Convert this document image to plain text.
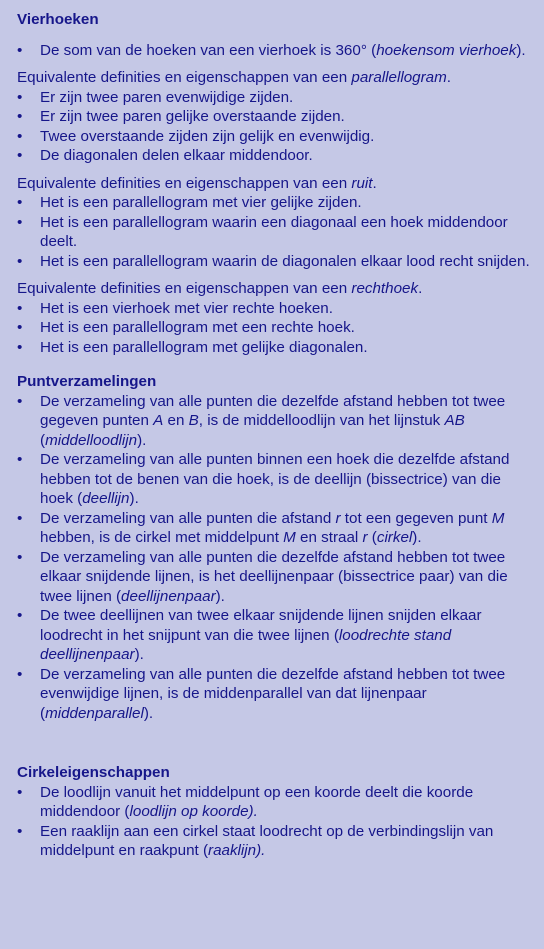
Vierhoeken
• De som van de hoeken van een vierhoek is 360° (hoekensom vierhoek).

Equivalente definities en eigenschappen van een parallellogram.

• Er zijn twee paren evenwijdige zijden.
• Er zijn twee paren gelijke overstaande zijden.
• Twee overstaande zijden zijn gelijk en evenwijdig.
• De diagonalen delen elkaar middendoor.

Equivalente definities en eigenschappen van een ruit.

• Het is een parallellogram met vier gelijke zijden.
• Het is een parallellogram waarin een diagonaal een hoek middendoor deelt.
• Het is een parallellogram waarin de diagonalen elkaar lood recht snijden.

Equivalente definities en eigenschappen van een rechthoek.

• Het is een vierhoek met vier rechte hoeken.
• Het is een parallellogram met een rechte hoek.
• Het is een parallellogram met gelijke diagonalen.
Puntverzamelingen
• De verzameling van alle punten die dezelfde afstand hebben tot twee gegeven punten A en B, is de middelloodlijn van het lijnstuk AB (middelloodlijn).
• De verzameling van alle punten binnen een hoek die dezelfde afstand hebben tot de benen van die hoek, is de deellijn (bissectrice) van die hoek (deellijn).
• De verzameling van alle punten die afstand r tot een gegeven punt M hebben, is de cirkel met middelpunt M en straal r (cirkel).
• De verzameling van alle punten die dezelfde afstand hebben tot twee elkaar snijdende lijnen, is het deellijnenpaar (bissectrice paar) van die twee lijnen (deellijnenpaar).
• De twee deellijnen van twee elkaar snijdende lijnen snijden elkaar loodrecht in het snijpunt van die twee lijnen (loodrechte stand deellijnenpaar).
• De verzameling van alle punten die dezelfde afstand hebben tot twee evenwijdige lijnen, is de middenparallel van dat lijnenpaar (middenparallel).
Cirkeleigenschappen
• De loodlijn vanuit het middelpunt op een koorde deelt die koorde middendoor (loodlijn op koorde).
• Een raaklijn aan een cirkel staat loodrecht op de verbindingslijn van middelpunt en raakpunt (raaklijn).
